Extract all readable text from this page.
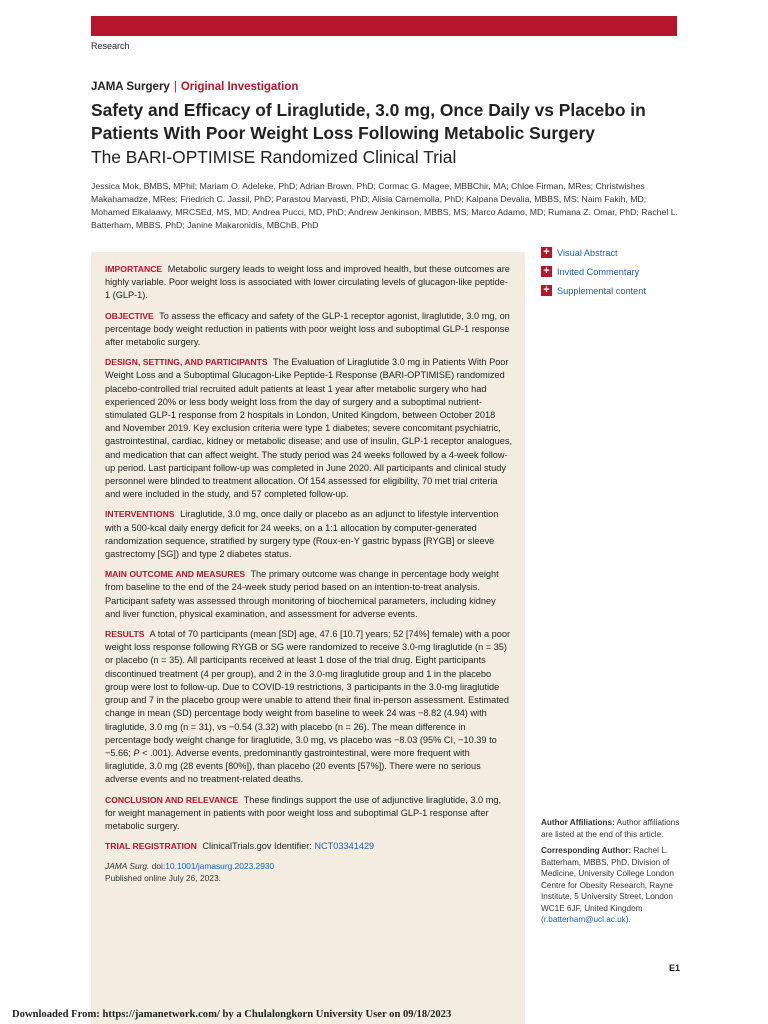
Research
JAMA Surgery | Original Investigation
Safety and Efficacy of Liraglutide, 3.0 mg, Once Daily vs Placebo in Patients With Poor Weight Loss Following Metabolic Surgery
The BARI-OPTIMISE Randomized Clinical Trial
Jessica Mok, BMBS, MPhil; Mariam O. Adeleke, PhD; Adrian Brown, PhD; Cormac G. Magee, MBBChir, MA; Chloe Firman, MRes; Christwishes Makahamadze, MRes; Friedrich C. Jassil, PhD; Parastou Marvasti, PhD; Alisia Carnemolla, PhD; Kalpana Devalia, MBBS, MS; Naim Fakih, MD; Mohamed Elkalaawy, MRCSEd, MS, MD; Andrea Pucci, MD, PhD; Andrew Jenkinson, MBBS, MS; Marco Adamo, MD; Rumana Z. Omar, PhD; Rachel L. Batterham, MBBS, PhD; Janine Makaronidis, MBChB, PhD

IMPORTANCE Metabolic surgery leads to weight loss and improved health, but these outcomes are highly variable. Poor weight loss is associated with lower circulating levels of glucagon-like peptide-1 (GLP-1).

OBJECTIVE To assess the efficacy and safety of the GLP-1 receptor agonist, liraglutide, 3.0 mg, on percentage body weight reduction in patients with poor weight loss and suboptimal GLP-1 response after metabolic surgery.

DESIGN, SETTING, AND PARTICIPANTS The Evaluation of Liraglutide 3.0 mg in Patients With Poor Weight Loss and a Suboptimal Glucagon-Like Peptide-1 Response (BARI-OPTIMISE) randomized placebo-controlled trial recruited adult patients at least 1 year after metabolic surgery who had experienced 20% or less body weight loss from the day of surgery and a suboptimal nutrient-stimulated GLP-1 response from 2 hospitals in London, United Kingdom, between October 2018 and November 2019. Key exclusion criteria were type 1 diabetes; severe concomitant psychiatric, gastrointestinal, cardiac, kidney or metabolic disease; and use of insulin, GLP-1 receptor analogues, and medication that can affect weight. The study period was 24 weeks followed by a 4-week follow-up period. Last participant follow-up was completed in June 2020. All participants and clinical study personnel were blinded to treatment allocation. Of 154 assessed for eligibility, 70 met trial criteria and were included in the study, and 57 completed follow-up.

INTERVENTIONS Liraglutide, 3.0 mg, once daily or placebo as an adjunct to lifestyle intervention with a 500-kcal daily energy deficit for 24 weeks, on a 1:1 allocation by computer-generated randomization sequence, stratified by surgery type (Roux-en-Y gastric bypass [RYGB] or sleeve gastrectomy [SG]) and type 2 diabetes status.

MAIN OUTCOME AND MEASURES The primary outcome was change in percentage body weight from baseline to the end of the 24-week study period based on an intention-to-treat analysis. Participant safety was assessed through monitoring of biochemical parameters, including kidney and liver function, physical examination, and assessment for adverse events.

RESULTS A total of 70 participants (mean [SD] age, 47.6 [10.7] years; 52 [74%] female) with a poor weight loss response following RYGB or SG were randomized to receive 3.0-mg liraglutide (n = 35) or placebo (n = 35). All participants received at least 1 dose of the trial drug. Eight participants discontinued treatment (4 per group), and 2 in the 3.0-mg liraglutide group and 1 in the placebo group were lost to follow-up. Due to COVID-19 restrictions, 3 participants in the 3.0-mg liraglutide group and 7 in the placebo group were unable to attend their final in-person assessment. Estimated change in mean (SD) percentage body weight from baseline to week 24 was −8.82 (4.94) with liraglutide, 3.0 mg (n = 31), vs −0.54 (3.32) with placebo (n = 26). The mean difference in percentage body weight change for liraglutide, 3.0 mg, vs placebo was −8.03 (95% CI, −10.39 to −5.66; P < .001). Adverse events, predominantly gastrointestinal, were more frequent with liraglutide, 3.0 mg (28 events [80%]), than placebo (20 events [57%]). There were no serious adverse events and no treatment-related deaths.

CONCLUSION AND RELEVANCE These findings support the use of adjunctive liraglutide, 3.0 mg, for weight management in patients with poor weight loss and suboptimal GLP-1 response after metabolic surgery.

TRIAL REGISTRATION ClinicalTrials.gov Identifier: NCT03341429

JAMA Surg. doi:10.1001/jamasurg.2023.2930
Published online July 26, 2023.
+ Visual Abstract
+ Invited Commentary
+ Supplemental content

Author Affiliations: Author affiliations are listed at the end of this article.

Corresponding Author: Rachel L. Batterham, MBBS, PhD, Division of Medicine, University College London Centre for Obesity Research, Rayne Institute, 5 University Street, London WC1E 6JF, United Kingdom (r.batterham@ucl.ac.uk).

E1
Downloaded From: https://jamanetwork.com/ by a Chulalongkorn University User on 09/18/2023
